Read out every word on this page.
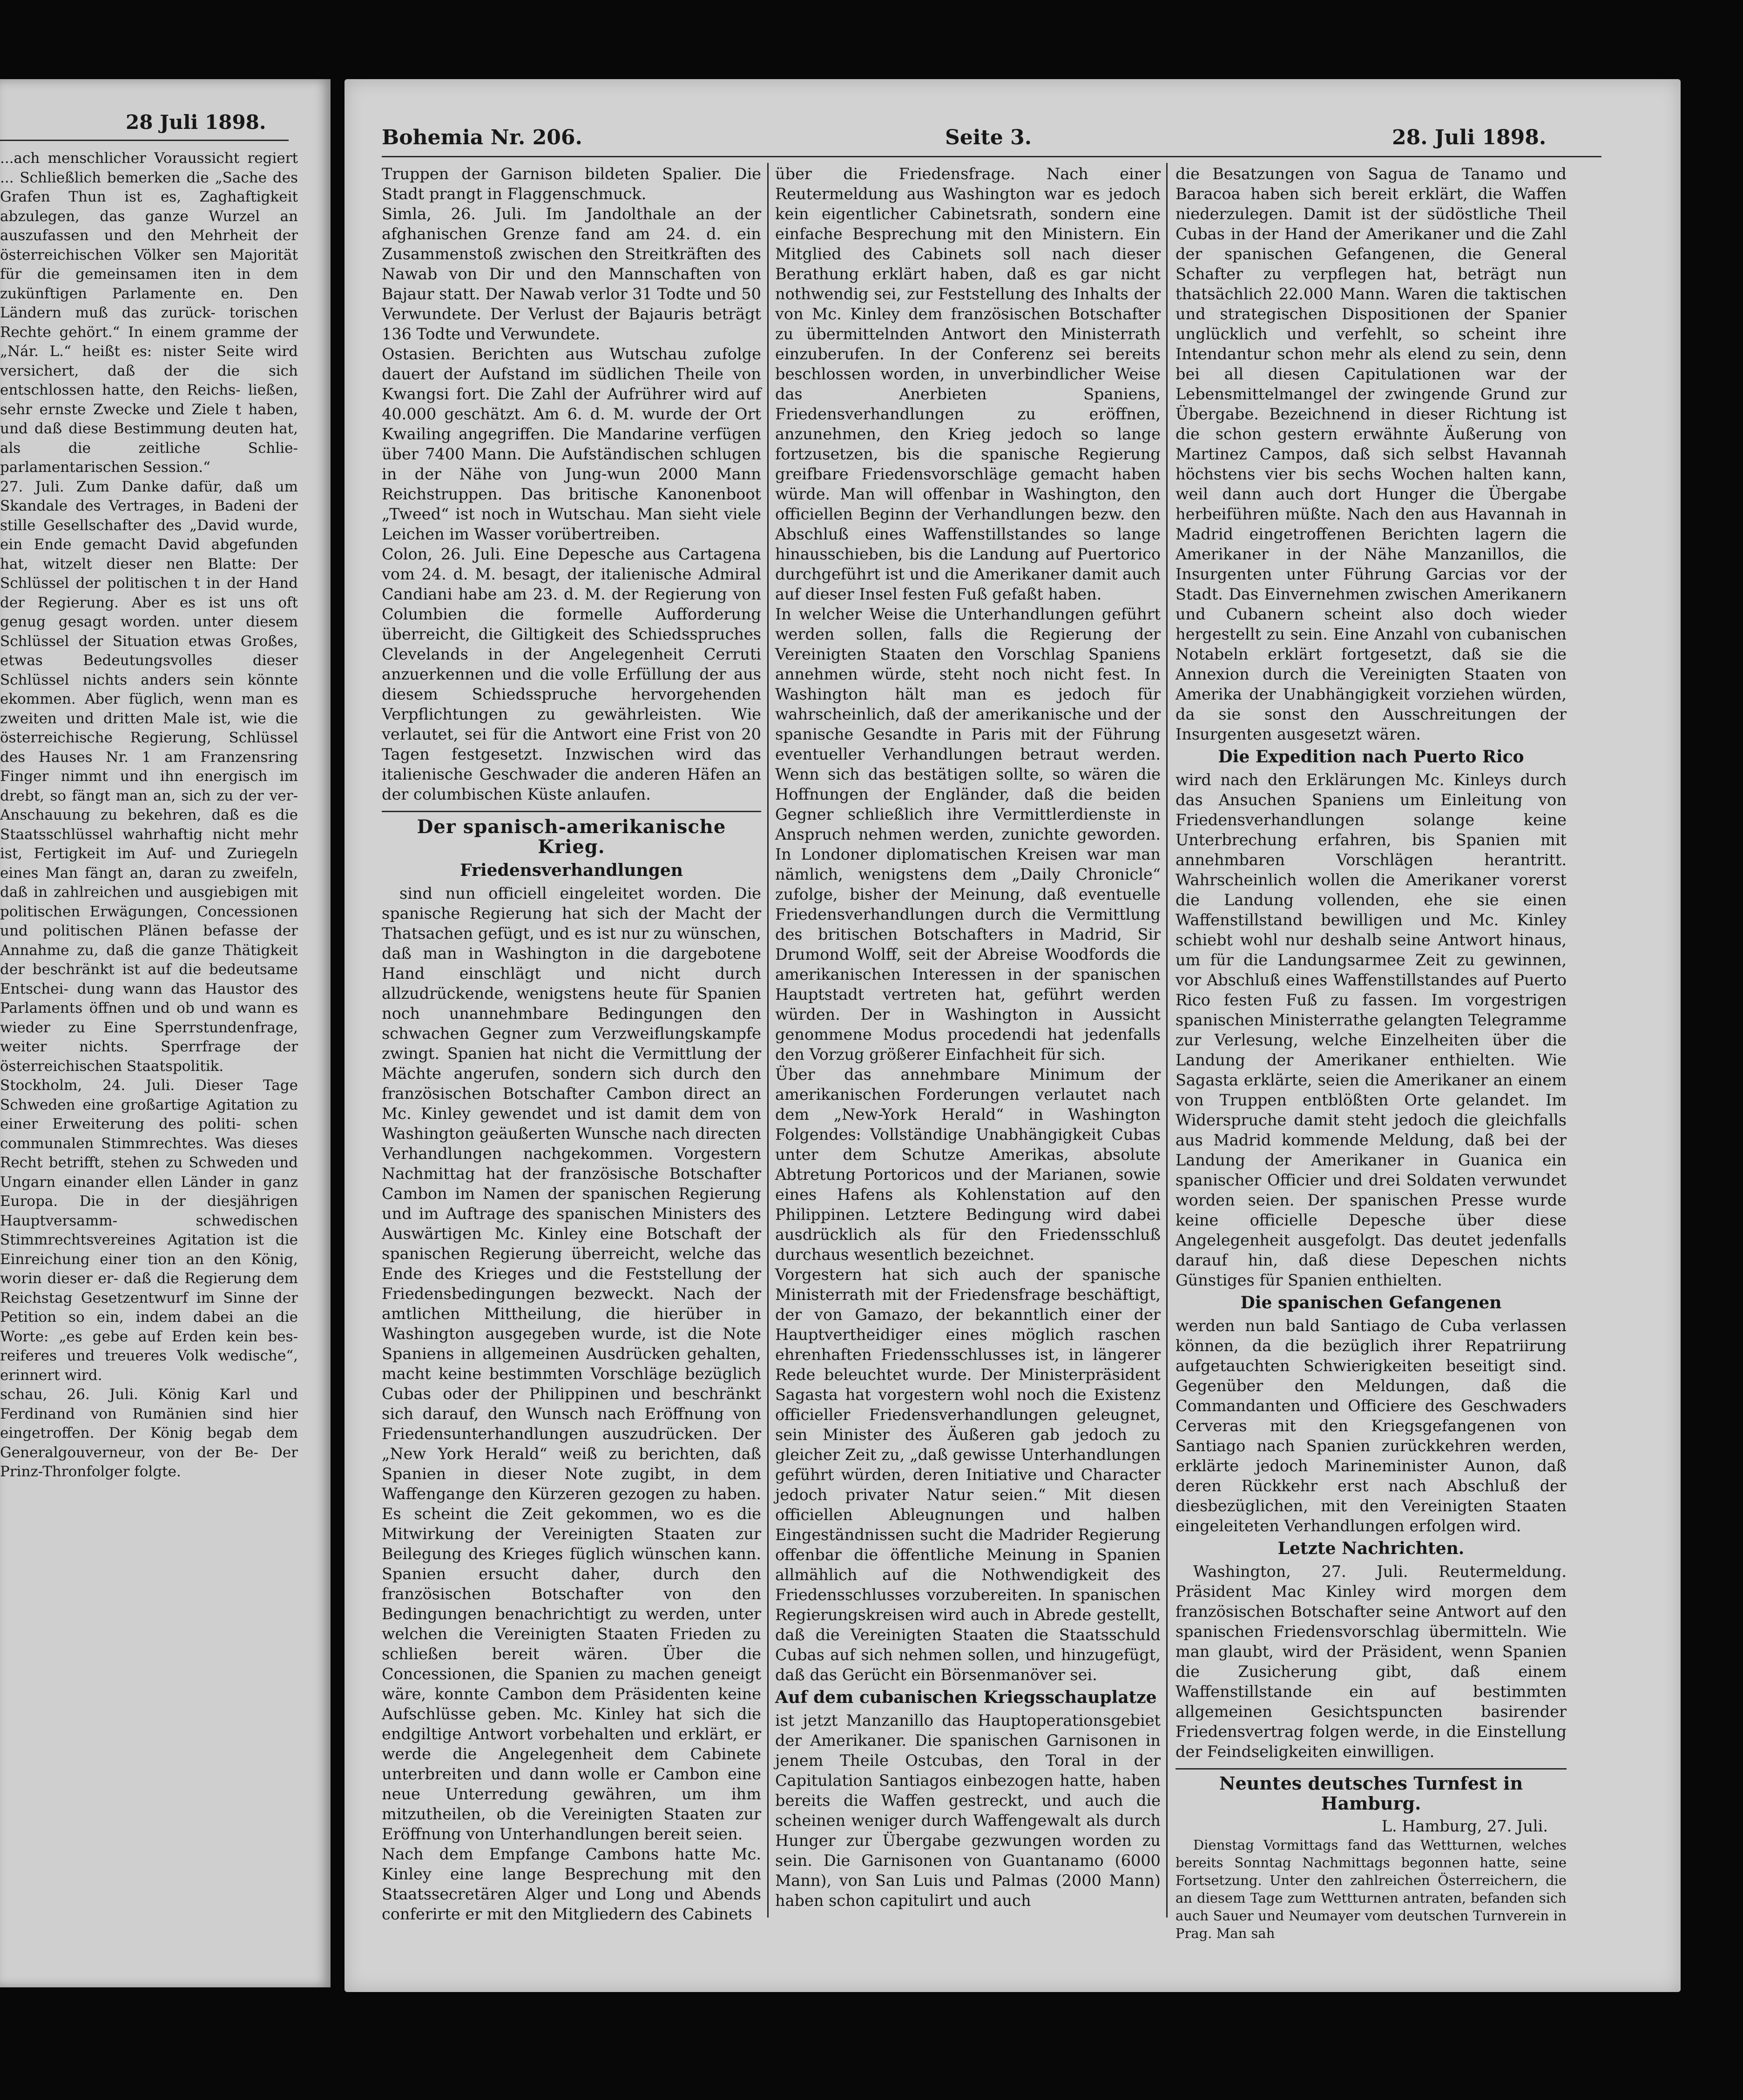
28 Juli 1898.

...ach menschlicher Voraussicht regiert ... Schließlich bemerken die „Sache des Grafen Thun ist es, Zaghaftigkeit abzulegen, das ganze Wurzel an auszufassen und den Mehrheit der österreichischen Völker sen Majorität für die gemeinsamen iten in dem zukünftigen Parlamente en. Den Ländern muß das zurück- torischen Rechte gehört.“ In einem gramme der „Nár. L.“ heißt es: nister Seite wird versichert, daß der die sich entschlossen hatte, den Reichs- ließen, sehr ernste Zwecke und Ziele t haben, und daß diese Bestimmung deuten hat, als die zeitliche Schlie- parlamentarischen Session.“
27. Juli. Zum Danke dafür, daß um Skandale des Vertrages, in Badeni der stille Gesellschafter des „David wurde, ein Ende gemacht David abgefunden hat, witzelt dieser nen Blatte: Der Schlüssel der politischen t in der Hand der Regierung. Aber es ist uns oft genug gesagt worden. unter diesem Schlüssel der Situation etwas Großes, etwas Bedeutungsvolles dieser Schlüssel nichts anders sein könnte ekommen. Aber füglich, wenn man es zweiten und dritten Male ist, wie die österreichische Regierung, Schlüssel des Hauses Nr. 1 am Franzensring Finger nimmt und ihn energisch im drebt, so fängt man an, sich zu der ver- Anschauung zu bekehren, daß es die Staatsschlüssel wahrhaftig nicht mehr ist, Fertigkeit im Auf- und Zuriegeln eines Man fängt an, daran zu zweifeln, daß in zahlreichen und ausgiebigen mit politischen Erwägungen, Concessionen und politischen Plänen befasse der Annahme zu, daß die ganze Thätigkeit der beschränkt ist auf die bedeutsame Entschei- dung wann das Haustor des Parlaments öffnen und ob und wann es wieder zu Eine Sperrstundenfrage, weiter nichts. Sperrfrage der österreichischen Staatspolitik.
Stockholm, 24. Juli. Dieser Tage Schweden eine großartige Agitation zu einer Erweiterung des politi- schen communalen Stimmrechtes. Was dieses Recht betrifft, stehen zu Schweden und Ungarn einander ellen Länder in ganz Europa. Die in der diesjährigen Hauptversamm- schwedischen Stimmrechtsvereines Agitation ist die Einreichung einer tion an den König, worin dieser er- daß die Regierung dem Reichstag Gesetzentwurf im Sinne der Petition so ein, indem dabei an die Worte: „es gebe auf Erden kein bes- reiferes und treueres Volk wedische“, erinnert wird.
schau, 26. Juli. König Karl und Ferdinand von Rumänien sind hier eingetroffen. Der König begab dem Generalgouverneur, von der Be- Der Prinz-Thronfolger folgte.

Bohemia Nr. 206.	Seite 3.	28. Juli 1898.

Truppen der Garnison bildeten Spalier. Die Stadt prangt in Flaggenschmuck.
Simla, 26. Juli. Im Jandolthale an der afghanischen Grenze fand am 24. d. ein Zusammenstoß zwischen den Streitkräften des Nawab von Dir und den Mannschaften von Bajaur statt. Der Nawab verlor 31 Todte und 50 Verwundete. Der Verlust der Bajauris beträgt 136 Todte und Verwundete.
Ostasien. Berichten aus Wutschau zufolge dauert der Aufstand im südlichen Theile von Kwangsi fort. Die Zahl der Aufrührer wird auf 40.000 geschätzt. Am 6. d. M. wurde der Ort Kwailing angegriffen. Die Mandarine verfügen über 7400 Mann. Die Aufständischen schlugen in der Nähe von Jung-wun 2000 Mann Reichstruppen. Das britische Kanonenboot „Tweed“ ist noch in Wutschau. Man sieht viele Leichen im Wasser vorübertreiben.
Colon, 26. Juli. Eine Depesche aus Cartagena vom 24. d. M. besagt, der italienische Admiral Candiani habe am 23. d. M. der Regierung von Columbien die formelle Aufforderung überreicht, die Giltigkeit des Schiedsspruches Clevelands in der Angelegenheit Cerruti anzuerkennen und die volle Erfüllung der aus diesem Schiedsspruche hervorgehenden Verpflichtungen zu gewährleisten. Wie verlautet, sei für die Antwort eine Frist von 20 Tagen festgesetzt. Inzwischen wird das italienische Geschwader die anderen Häfen an der columbischen Küste anlaufen.

Der spanisch-amerikanische Krieg.
Friedensverhandlungen

sind nun officiell eingeleitet worden. Die spanische Regierung hat sich der Macht der Thatsachen gefügt, und es ist nur zu wünschen, daß man in Washington in die dargebotene Hand einschlägt und nicht durch allzudrückende, wenigstens heute für Spanien noch unannehmbare Bedingungen den schwachen Gegner zum Verzweiflungskampfe zwingt. Spanien hat nicht die Vermittlung der Mächte angerufen, sondern sich durch den französischen Botschafter Cambon direct an Mc. Kinley gewendet und ist damit dem von Washington geäußerten Wunsche nach directen Verhandlungen nachgekommen. Vorgestern Nachmittag hat der französische Botschafter Cambon im Namen der spanischen Regierung und im Auftrage des spanischen Ministers des Auswärtigen Mc. Kinley eine Botschaft der spanischen Regierung überreicht, welche das Ende des Krieges und die Feststellung der Friedensbedingungen bezweckt. Nach der amtlichen Mittheilung, die hierüber in Washington ausgegeben wurde, ist die Note Spaniens in allgemeinen Ausdrücken gehalten, macht keine bestimmten Vorschläge bezüglich Cubas oder der Philippinen und beschränkt sich darauf, den Wunsch nach Eröffnung von Friedensunterhandlungen auszudrücken. Der „New York Herald“ weiß zu berichten, daß Spanien in dieser Note zugibt, in dem Waffengange den Kürzeren gezogen zu haben. Es scheint die Zeit gekommen, wo es die Mitwirkung der Vereinigten Staaten zur Beilegung des Krieges füglich wünschen kann. Spanien ersucht daher, durch den französischen Botschafter von den Bedingungen benachrichtigt zu werden, unter welchen die Vereinigten Staaten Frieden zu schließen bereit wären. Über die Concessionen, die Spanien zu machen geneigt wäre, konnte Cambon dem Präsidenten keine Aufschlüsse geben. Mc. Kinley hat sich die endgiltige Antwort vorbehalten und erklärt, er werde die Angelegenheit dem Cabinete unterbreiten und dann wolle er Cambon eine neue Unterredung gewähren, um ihm mitzutheilen, ob die Vereinigten Staaten zur Eröffnung von Unterhandlungen bereit seien.
Nach dem Empfange Cambons hatte Mc. Kinley eine lange Besprechung mit den Staatssecretären Alger und Long und Abends conferirte er mit den Mitgliedern des Cabinets

über die Friedensfrage. Nach einer Reutermeldung aus Washington war es jedoch kein eigentlicher Cabinetsrath, sondern eine einfache Besprechung mit den Ministern. Ein Mitglied des Cabinets soll nach dieser Berathung erklärt haben, daß es gar nicht nothwendig sei, zur Feststellung des Inhalts der von Mc. Kinley dem französischen Botschafter zu übermittelnden Antwort den Ministerrath einzuberufen. In der Conferenz sei bereits beschlossen worden, in unverbindlicher Weise das Anerbieten Spaniens, Friedensverhandlungen zu eröffnen, anzunehmen, den Krieg jedoch so lange fortzusetzen, bis die spanische Regierung greifbare Friedensvorschläge gemacht haben würde. Man will offenbar in Washington, den officiellen Beginn der Verhandlungen bezw. den Abschluß eines Waffenstillstandes so lange hinausschieben, bis die Landung auf Puertorico durchgeführt ist und die Amerikaner damit auch auf dieser Insel festen Fuß gefaßt haben.
In welcher Weise die Unterhandlungen geführt werden sollen, falls die Regierung der Vereinigten Staaten den Vorschlag Spaniens annehmen würde, steht noch nicht fest. In Washington hält man es jedoch für wahrscheinlich, daß der amerikanische und der spanische Gesandte in Paris mit der Führung eventueller Verhandlungen betraut werden. Wenn sich das bestätigen sollte, so wären die Hoffnungen der Engländer, daß die beiden Gegner schließlich ihre Vermittlerdienste in Anspruch nehmen werden, zunichte geworden. In Londoner diplomatischen Kreisen war man nämlich, wenigstens dem „Daily Chronicle“ zufolge, bisher der Meinung, daß eventuelle Friedensverhandlungen durch die Vermittlung des britischen Botschafters in Madrid, Sir Drumond Wolff, seit der Abreise Woodfords die amerikanischen Interessen in der spanischen Hauptstadt vertreten hat, geführt werden würden. Der in Washington in Aussicht genommene Modus procedendi hat jedenfalls den Vorzug größerer Einfachheit für sich.
Über das annehmbare Minimum der amerikanischen Forderungen verlautet nach dem „New-York Herald“ in Washington Folgendes: Vollständige Unabhängigkeit Cubas unter dem Schutze Amerikas, absolute Abtretung Portoricos und der Marianen, sowie eines Hafens als Kohlenstation auf den Philippinen. Letztere Bedingung wird dabei ausdrücklich als für den Friedensschluß durchaus wesentlich bezeichnet.
Vorgestern hat sich auch der spanische Ministerrath mit der Friedensfrage beschäftigt, der von Gamazo, der bekanntlich einer der Hauptvertheidiger eines möglich raschen ehrenhaften Friedensschlusses ist, in längerer Rede beleuchtet wurde. Der Ministerpräsident Sagasta hat vorgestern wohl noch die Existenz officieller Friedensverhandlungen geleugnet, sein Minister des Äußeren gab jedoch zu gleicher Zeit zu, „daß gewisse Unterhandlungen geführt würden, deren Initiative und Character jedoch privater Natur seien.“ Mit diesen officiellen Ableugnungen und halben Eingeständnissen sucht die Madrider Regierung offenbar die öffentliche Meinung in Spanien allmählich auf die Nothwendigkeit des Friedensschlusses vorzubereiten. In spanischen Regierungskreisen wird auch in Abrede gestellt, daß die Vereinigten Staaten die Staatsschuld Cubas auf sich nehmen sollen, und hinzugefügt, daß das Gerücht ein Börsenmanöver sei.

Auf dem cubanischen Kriegsschauplatze

ist jetzt Manzanillo das Hauptoperationsgebiet der Amerikaner. Die spanischen Garnisonen in jenem Theile Ostcubas, den Toral in der Capitulation Santiagos einbezogen hatte, haben bereits die Waffen gestreckt, und auch die scheinen weniger durch Waffengewalt als durch Hunger zur Übergabe gezwungen worden zu sein. Die Garnisonen von Guantanamo (6000 Mann), von San Luis und Palmas (2000 Mann) haben schon capitulirt und auch

die Besatzungen von Sagua de Tanamo und Baracoa haben sich bereit erklärt, die Waffen niederzulegen. Damit ist der südöstliche Theil Cubas in der Hand der Amerikaner und die Zahl der spanischen Gefangenen, die General Schafter zu verpflegen hat, beträgt nun thatsächlich 22.000 Mann. Waren die taktischen und strategischen Dispositionen der Spanier unglücklich und verfehlt, so scheint ihre Intendantur schon mehr als elend zu sein, denn bei all diesen Capitulationen war der Lebensmittelmangel der zwingende Grund zur Übergabe. Bezeichnend in dieser Richtung ist die schon gestern erwähnte Äußerung von Martinez Campos, daß sich selbst Havannah höchstens vier bis sechs Wochen halten kann, weil dann auch dort Hunger die Übergabe herbeiführen müßte. Nach den aus Havannah in Madrid eingetroffenen Berichten lagern die Amerikaner in der Nähe Manzanillos, die Insurgenten unter Führung Garcias vor der Stadt. Das Einvernehmen zwischen Amerikanern und Cubanern scheint also doch wieder hergestellt zu sein. Eine Anzahl von cubanischen Notabeln erklärt fortgesetzt, daß sie die Annexion durch die Vereinigten Staaten von Amerika der Unabhängigkeit vorziehen würden, da sie sonst den Ausschreitungen der Insurgenten ausgesetzt wären.

Die Expedition nach Puerto Rico

wird nach den Erklärungen Mc. Kinleys durch das Ansuchen Spaniens um Einleitung von Friedensverhandlungen solange keine Unterbrechung erfahren, bis Spanien mit annehmbaren Vorschlägen herantritt. Wahrscheinlich wollen die Amerikaner vorerst die Landung vollenden, ehe sie einen Waffenstillstand bewilligen und Mc. Kinley schiebt wohl nur deshalb seine Antwort hinaus, um für die Landungsarmee Zeit zu gewinnen, vor Abschluß eines Waffenstillstandes auf Puerto Rico festen Fuß zu fassen. Im vorgestrigen spanischen Ministerrathe gelangten Telegramme zur Verlesung, welche Einzelheiten über die Landung der Amerikaner enthielten. Wie Sagasta erklärte, seien die Amerikaner an einem von Truppen entblößten Orte gelandet. Im Widerspruche damit steht jedoch die gleichfalls aus Madrid kommende Meldung, daß bei der Landung der Amerikaner in Guanica ein spanischer Officier und drei Soldaten verwundet worden seien. Der spanischen Presse wurde keine officielle Depesche über diese Angelegenheit ausgefolgt. Das deutet jedenfalls darauf hin, daß diese Depeschen nichts Günstiges für Spanien enthielten.

Die spanischen Gefangenen

werden nun bald Santiago de Cuba verlassen können, da die bezüglich ihrer Repatriirung aufgetauchten Schwierigkeiten beseitigt sind. Gegenüber den Meldungen, daß die Commandanten und Officiere des Geschwaders Cerveras mit den Kriegsgefangenen von Santiago nach Spanien zurückkehren werden, erklärte jedoch Marineminister Aunon, daß deren Rückkehr erst nach Abschluß der diesbezüglichen, mit den Vereinigten Staaten eingeleiteten Verhandlungen erfolgen wird.

Letzte Nachrichten.

Washington, 27. Juli. Reutermeldung. Präsident Mac Kinley wird morgen dem französischen Botschafter seine Antwort auf den spanischen Friedensvorschlag übermitteln. Wie man glaubt, wird der Präsident, wenn Spanien die Zusicherung gibt, daß einem Waffenstillstande ein auf bestimmten allgemeinen Gesichtspuncten basirender Friedensvertrag folgen werde, in die Einstellung der Feindseligkeiten einwilligen.

Neuntes deutsches Turnfest in Hamburg.
L. Hamburg, 27. Juli.

Dienstag Vormittags fand das Wettturnen, welches bereits Sonntag Nachmittags begonnen hatte, seine Fortsetzung. Unter den zahlreichen Österreichern, die an diesem Tage zum Wettturnen antraten, befanden sich auch Sauer und Neumayer vom deutschen Turnverein in Prag. Man sah
